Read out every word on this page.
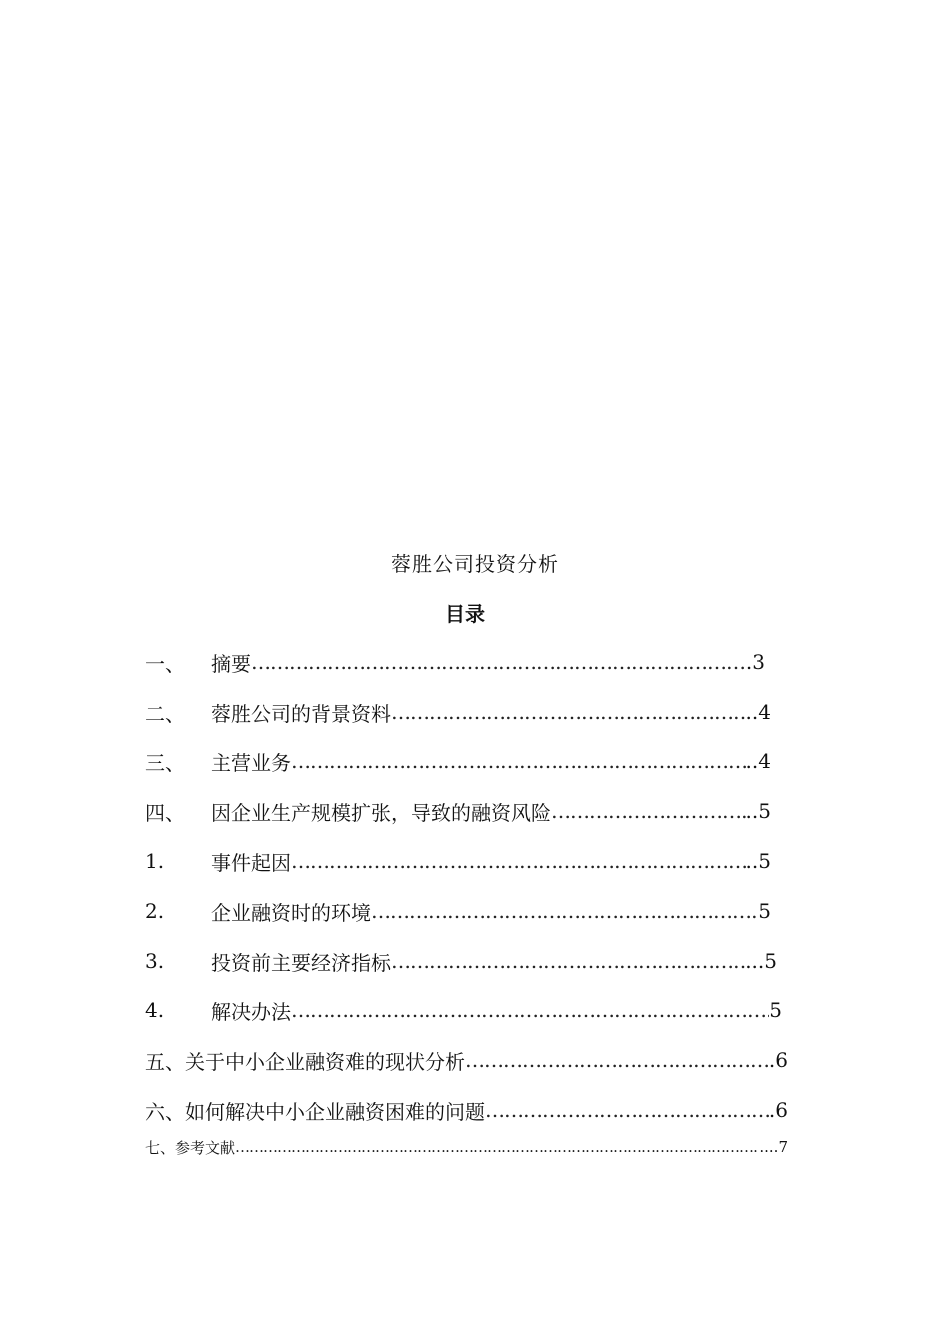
蓉胜公司投资分析
目录
一、	摘要 …………………………………………………………………………………………………………………………………………………	.3
二、	蓉胜公司的背景资料 …………………………………………………………………………………………………………………………………………………	..4
三、	主营业务 …………………………………………………………………………………………………………………………………………………	..4
四、	因企业生产规模扩张，导致的融资风险 …………………………………………………………………………………………………………………………………………………	..5
1.	事件起因 …………………………………………………………………………………………………………………………………………………	..5
2.	企业融资时的环境 …………………………………………………………………………………………………………………………………………………	5
3.	投资前主要经济指标 …………………………………………………………………………………………………………………………………………………	...5
4.	解决办法 …………………………………………………………………………………………………………………………………………………	5
五、 关于中小企业融资难的现状分析 …………………………………………………………………………………………………………………………………………………	.6
六、 如何解决中小企业融资困难的问题 …………………………………………………………………………………………………………………………………………………	.6
七、 参考文献 …………………………………………………………………………………………………………………………………………………	....7
